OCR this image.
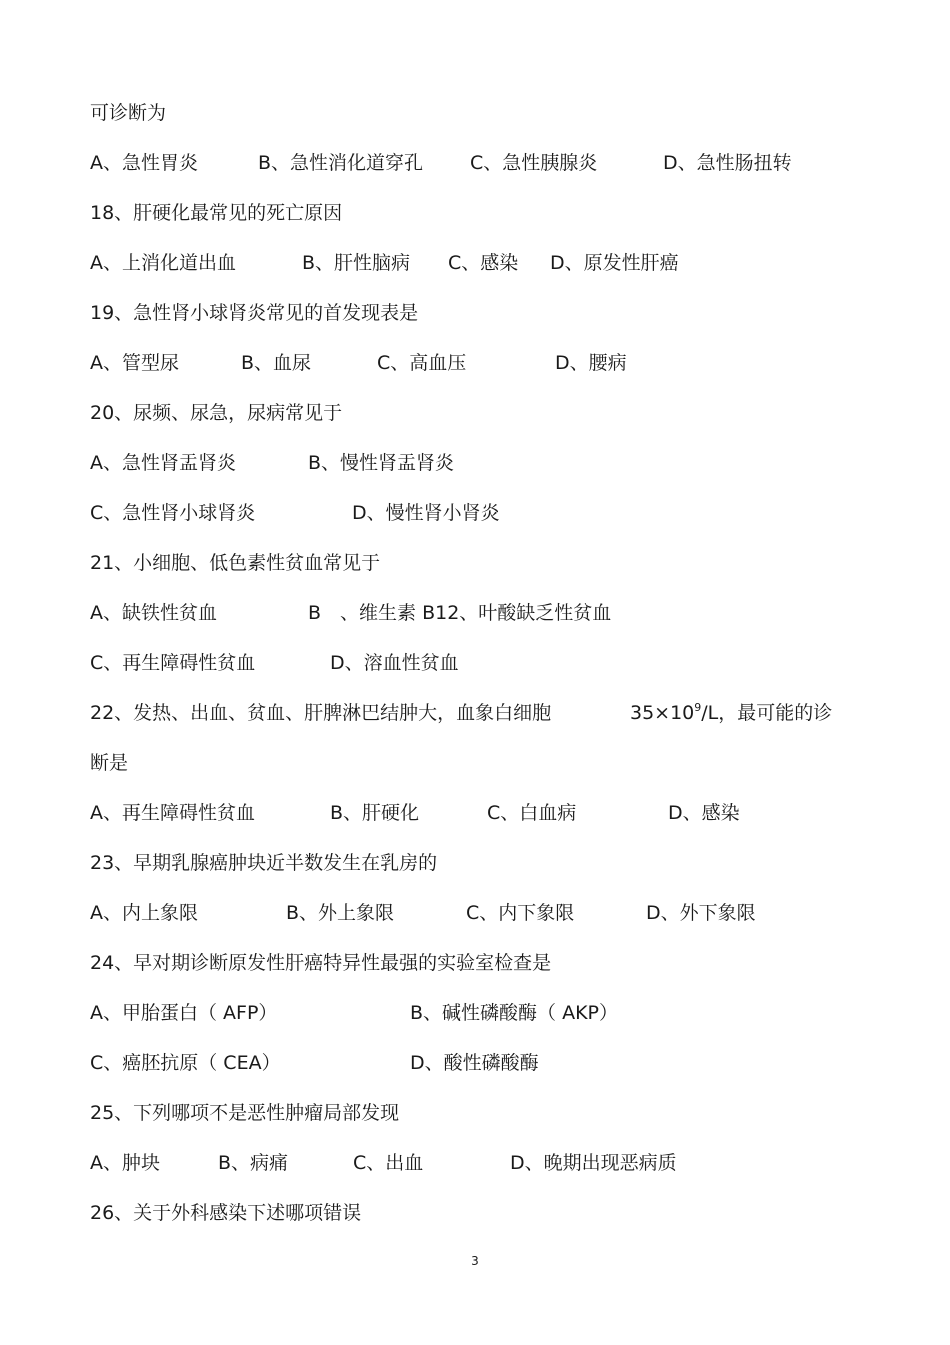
可诊断为
A、急性胃炎	B、急性消化道穿孔 C、急性胰腺炎	D、急性肠扭转
18、肝硬化最常见的死亡原因
A、上消化道出血	B、肝性脑病 C、感染 D、原发性肝癌
19、急性肾小球肾炎常见的首发现表是
A、管型尿	B、血尿	C、高血压	D、腰病
20、尿频、尿急，尿病常见于
A、急性肾盂肾炎	B、慢性肾盂肾炎
C、急性肾小球肾炎	D、慢性肾小肾炎
21、小细胞、低色素性贫血常见于
A、缺铁性贫血	B　、维生素 B12、叶酸缺乏性贫血
C、再生障碍性贫血	D、溶血性贫血
22、发热、出血、贫血、肝脾淋巴结肿大，血象白细胞	$35\times 10^9/L$，最可能的诊
断是
A、再生障碍性贫血	B、肝硬化	C、白血病	D、感染
23、早期乳腺癌肿块近半数发生在乳房的
A、内上象限	B、外上象限	C、内下象限	D、外下象限
24、早对期诊断原发性肝癌特异性最强的实验室检查是
A、甲胎蛋白（ AFP）	B、碱性磷酸酶（ AKP）
C、癌胚抗原（ CEA）	D、酸性磷酸酶
25、下列哪项不是恶性肿瘤局部发现
A、肿块	B、病痛	C、出血	D、晚期出现恶病质
26、关于外科感染下述哪项错误
3
